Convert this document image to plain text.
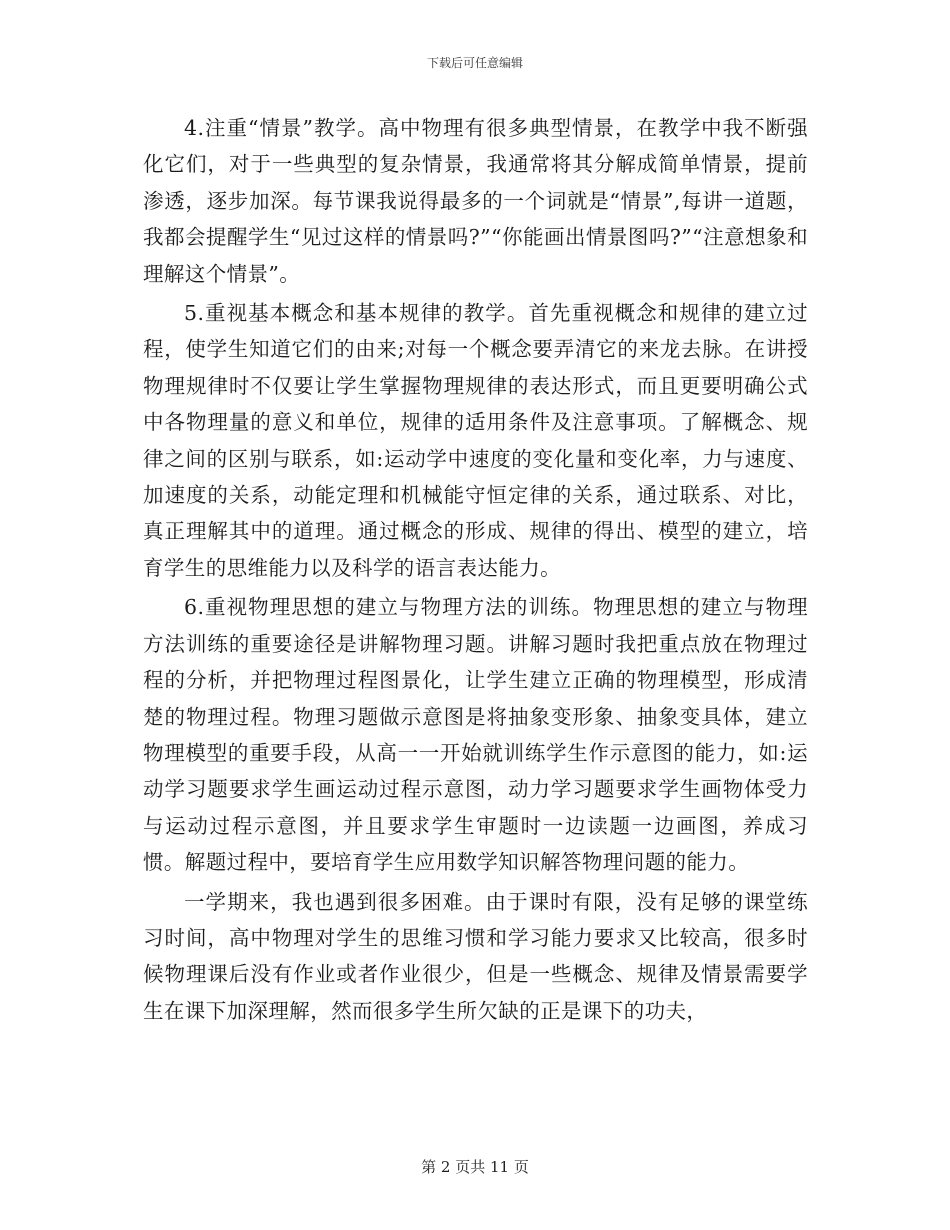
下载后可任意编辑

4.注重“情景”教学。高中物理有很多典型情景，在教学中我不断强化它们，对于一些典型的复杂情景，我通常将其分解成简单情景，提前渗透，逐步加深。每节课我说得最多的一个词就是“情景”,每讲一道题，我都会提醒学生“见过这样的情景吗?”“你能画出情景图吗?”“注意想象和理解这个情景”。

5.重视基本概念和基本规律的教学。首先重视概念和规律的建立过程，使学生知道它们的由来;对每一个概念要弄清它的来龙去脉。在讲授物理规律时不仅要让学生掌握物理规律的表达形式，而且更要明确公式中各物理量的意义和单位，规律的适用条件及注意事项。了解概念、规律之间的区别与联系，如:运动学中速度的变化量和变化率，力与速度、加速度的关系，动能定理和机械能守恒定律的关系，通过联系、对比，真正理解其中的道理。通过概念的形成、规律的得出、模型的建立，培育学生的思维能力以及科学的语言表达能力。

6.重视物理思想的建立与物理方法的训练。物理思想的建立与物理方法训练的重要途径是讲解物理习题。讲解习题时我把重点放在物理过程的分析，并把物理过程图景化，让学生建立正确的物理模型，形成清楚的物理过程。物理习题做示意图是将抽象变形象、抽象变具体，建立物理模型的重要手段，从高一一开始就训练学生作示意图的能力，如:运动学习题要求学生画运动过程示意图，动力学习题要求学生画物体受力与运动过程示意图，并且要求学生审题时一边读题一边画图，养成习惯。解题过程中，要培育学生应用数学知识解答物理问题的能力。

一学期来，我也遇到很多困难。由于课时有限，没有足够的课堂练习时间，高中物理对学生的思维习惯和学习能力要求又比较高，很多时候物理课后没有作业或者作业很少，但是一些概念、规律及情景需要学生在课下加深理解，然而很多学生所欠缺的正是课下的功夫，

第 2 页共 11 页
